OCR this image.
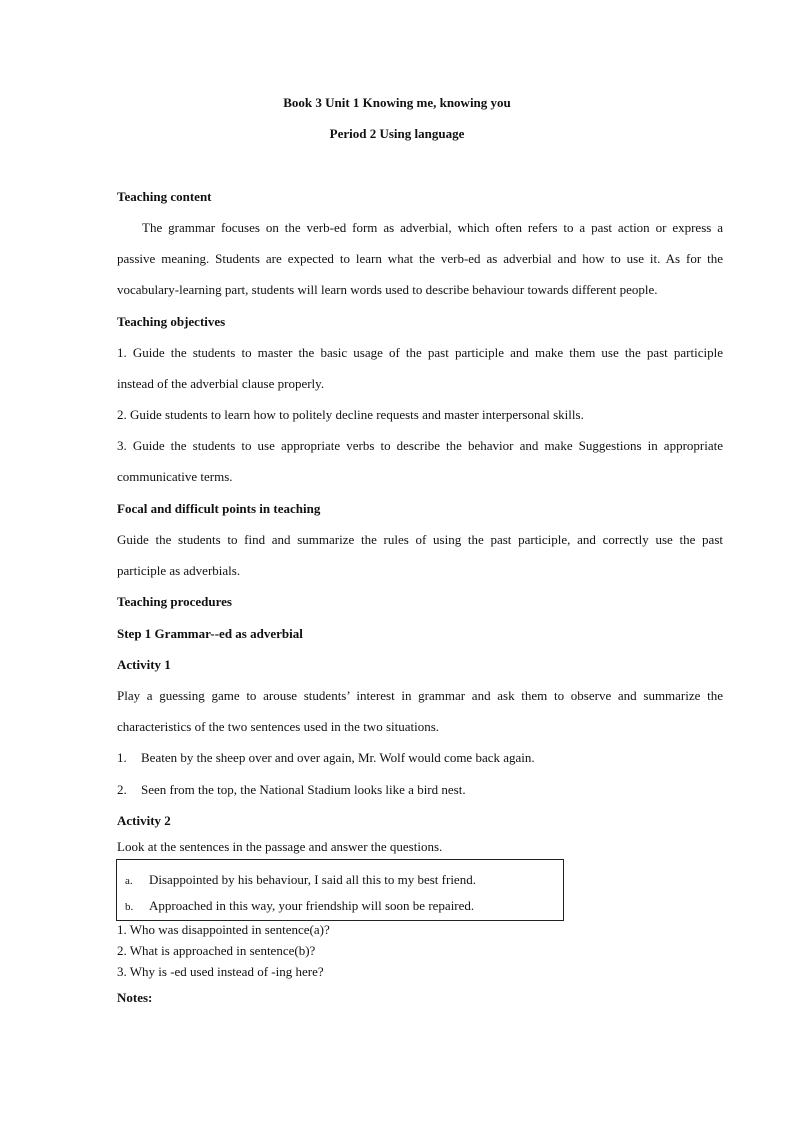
Book 3 Unit 1 Knowing me, knowing you

Period 2 Using language

Teaching content

The grammar focuses on the verb-ed form as adverbial, which often refers to a past action or express a

passive meaning. Students are expected to learn what the verb-ed as adverbial and how to use it. As for the

vocabulary-learning part, students will learn words used to describe behaviour towards different people.

Teaching objectives

1. Guide the students to master the basic usage of the past participle and make them use the past participle

instead of the adverbial clause properly.

2. Guide students to learn how to politely decline requests and master interpersonal skills.

3. Guide the students to use appropriate verbs to describe the behavior and make Suggestions in appropriate

communicative terms.

Focal and difficult points in teaching

Guide the students to find and summarize the rules of using the past participle, and correctly use the past

participle as adverbials.

Teaching procedures

Step 1 Grammar--ed as adverbial

Activity 1

Play a guessing game to arouse students’ interest in grammar and ask them to observe and summarize the

characteristics of the two sentences used in the two situations.

1. Beaten by the sheep over and over again, Mr. Wolf would come back again.

2. Seen from the top, the National Stadium looks like a bird nest.

Activity 2

Look at the sentences in the passage and answer the questions.

a. Disappointed by his behaviour, I said all this to my best friend.

b. Approached in this way, your friendship will soon be repaired.

1. Who was disappointed in sentence(a)?

2. What is approached in sentence(b)?

3. Why is -ed used instead of -ing here?

Notes:
